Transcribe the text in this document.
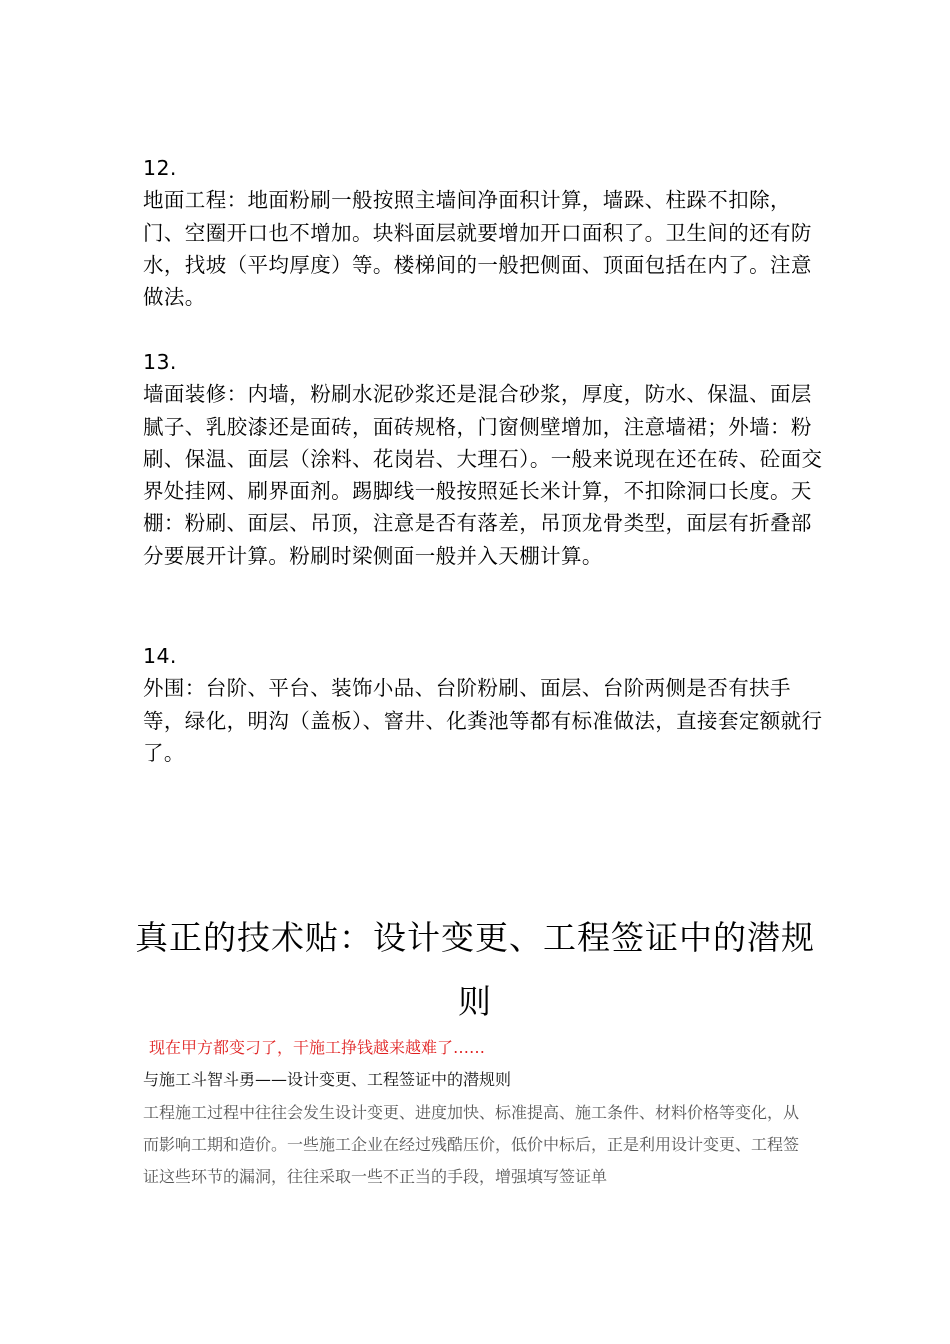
12.
地面工程：地面粉刷一般按照主墙间净面积计算，墙跺、柱跺不扣除，门、空圈开口也不增加。块料面层就要增加开口面积了。卫生间的还有防水，找坡（平均厚度）等。楼梯间的一般把侧面、顶面包括在内了。注意做法。
13.
墙面装修：内墙，粉刷水泥砂浆还是混合砂浆，厚度，防水、保温、面层腻子、乳胶漆还是面砖，面砖规格，门窗侧壁增加，注意墙裙；外墙：粉刷、保温、面层（涂料、花岗岩、大理石）。一般来说现在还在砖、砼面交界处挂网、刷界面剂。踢脚线一般按照延长米计算，不扣除洞口长度。天棚：粉刷、面层、吊顶，注意是否有落差，吊顶龙骨类型，面层有折叠部分要展开计算。粉刷时梁侧面一般并入天棚计算。
14.
外围：台阶、平台、装饰小品、台阶粉刷、面层、台阶两侧是否有扶手等，绿化，明沟（盖板）、窨井、化粪池等都有标准做法，直接套定额就行了。
真正的技术贴：设计变更、工程签证中的潜规则
现在甲方都变刁了，干施工挣钱越来越难了……
与施工斗智斗勇——设计变更、工程签证中的潜规则
工程施工过程中往往会发生设计变更、进度加快、标准提高、施工条件、材料价格等变化，从而影响工期和造价。一些施工企业在经过残酷压价，低价中标后，正是利用设计变更、工程签证这些环节的漏洞，往往采取一些不正当的手段，增强填写签证单
